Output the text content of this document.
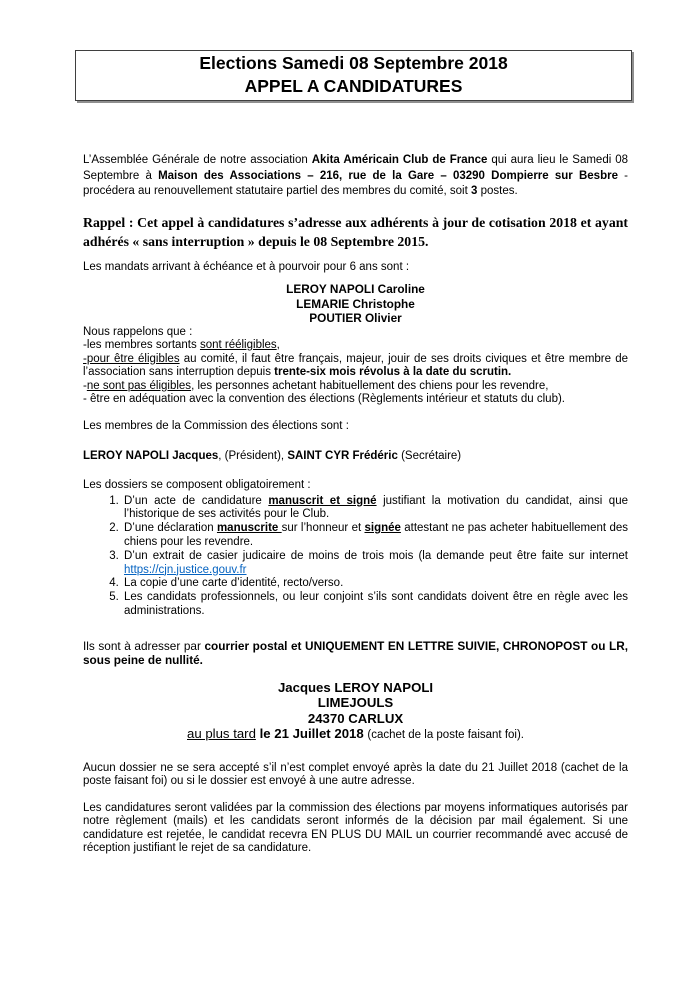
Elections Samedi 08 Septembre 2018
APPEL A CANDIDATURES
L’Assemblée Générale de notre association Akita Américain Club de France qui aura lieu le Samedi 08 Septembre à Maison des Associations – 216, rue de la Gare – 03290 Dompierre sur Besbre - procédera au renouvellement statutaire partiel des membres du comité, soit 3 postes.
Rappel : Cet appel à candidatures s’adresse aux adhérents à jour de cotisation 2018 et ayant adhérés « sans interruption » depuis le 08 Septembre 2015.
Les mandats arrivant à échéance et à pourvoir pour 6 ans sont :
LEROY NAPOLI Caroline
LEMARIE Christophe
POUTIER Olivier
Nous rappelons que :
-les membres sortants sont rééligibles,
-pour être éligibles au comité, il faut être français, majeur, jouir de ses droits civiques et être membre de l’association sans interruption depuis trente-six mois révolus à la date du scrutin.
-ne sont pas éligibles, les personnes achetant habituellement des chiens pour les revendre,
- être en adéquation avec la convention des élections (Règlements intérieur et statuts du club).
Les membres de la Commission des élections sont :
LEROY NAPOLI Jacques, (Président), SAINT CYR Frédéric (Secrétaire)
Les dossiers se composent obligatoirement :
1. D’un acte de candidature manuscrit et signé justifiant la motivation du candidat, ainsi que l’historique de ses activités pour le Club.
2. D’une déclaration manuscrite sur l’honneur et signée attestant ne pas acheter habituellement des chiens pour les revendre.
3. D’un extrait de casier judicaire de moins de trois mois (la demande peut être faite sur internet https://cjn.justice.gouv.fr
4. La copie d’une carte d’identité, recto/verso.
5. Les candidats professionnels, ou leur conjoint s’ils sont candidats doivent être en règle avec les administrations.
Ils sont à adresser par courrier postal et UNIQUEMENT EN LETTRE SUIVIE, CHRONOPOST ou LR, sous peine de nullité.
Jacques LEROY NAPOLI
LIMEJOULS
24370 CARLUX
au plus tard le 21 Juillet 2018 (cachet de la poste faisant foi).
Aucun dossier ne se sera accepté s’il n’est complet envoyé après la date du 21 Juillet 2018 (cachet de la poste faisant foi) ou si le dossier est envoyé à une autre adresse.
Les candidatures seront validées par la commission des élections par moyens informatiques autorisés par notre règlement (mails) et les candidats seront informés de la décision par mail également. Si une candidature est rejetée, le candidat recevra EN PLUS DU MAIL un courrier recommandé avec accusé de réception justifiant le rejet de sa candidature.
